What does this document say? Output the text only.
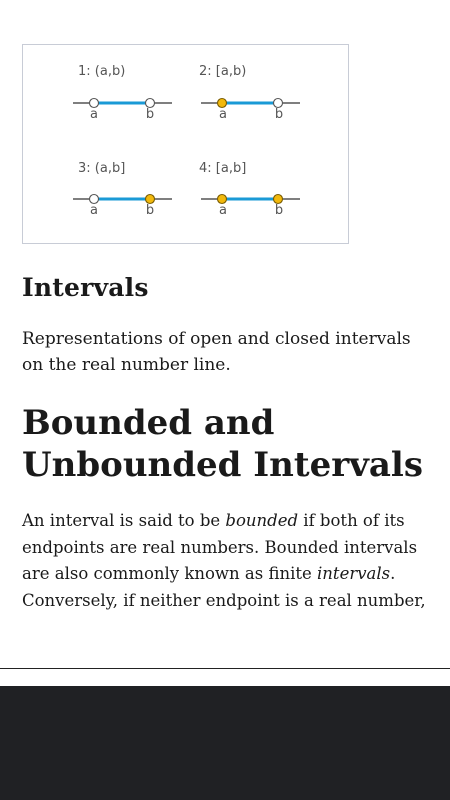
1: (a,b)	2: [a,b)
3: (a,b]	4: [a,b]
a	b	a	b
a	b	a	b
Intervals

Representations of open and closed intervals on the real number line.

Bounded and Unbounded Intervals

An interval is said to be bounded if both of its endpoints are real numbers. Bounded intervals are also commonly known as finite intervals. Conversely, if neither endpoint is a real number,
